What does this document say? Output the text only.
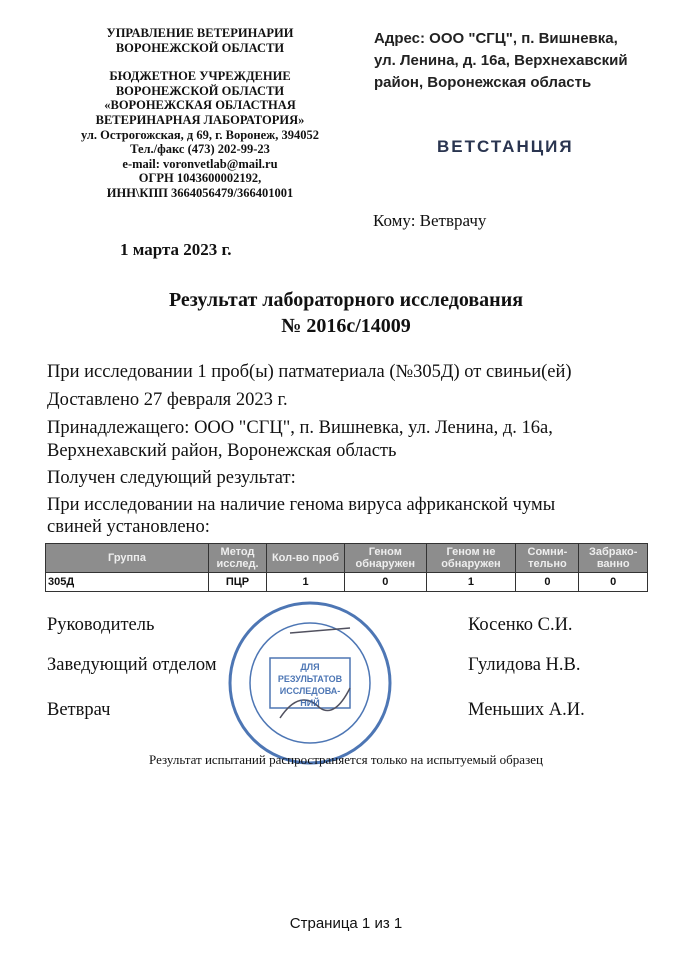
УПРАВЛЕНИЕ ВЕТЕРИНАРИИ
ВОРОНЕЖСКОЙ ОБЛАСТИ
БЮДЖЕТНОЕ УЧРЕЖДЕНИЕ
ВОРОНЕЖСКОЙ ОБЛАСТИ
«ВОРОНЕЖСКАЯ ОБЛАСТНАЯ
ВЕТЕРИНАРНАЯ ЛАБОРАТОРИЯ»
ул. Острогожская, д 69, г. Воронеж, 394052
Тел./факс (473) 202-99-23
e-mail: voronvetlab@mail.ru
ОГРН 1043600002192,
ИНН\КПП 3664056479/366401001
Адрес: ООО "СГЦ", п. Вишневка,
ул. Ленина, д. 16а, Верхнехавский
район, Воронежская область
ВЕТСТАНЦИЯ
Кому: Ветврачу
1 марта 2023 г.
Результат лабораторного исследования
№ 2016с/14009
При исследовании 1 проб(ы) патматериала (№305Д) от свиньи(ей)
Доставлено 27 февраля 2023 г.
Принадлежащего: ООО "СГЦ", п. Вишневка, ул. Ленина, д. 16а,
Верхнехавский район, Воронежская область
Получен следующий результат:
При исследовании на наличие генома вируса африканской чумы
свиней установлено:
Группа	Метод исслед.	Кол-во проб	Геном обнаружен	Геном не обнаружен	Сомни-тельно	Забрако-ванно
305Д	ПЦР	1	0	1	0	0
ДЛЯ
РЕЗУЛЬТАТОВ
ИССЛЕДОВА-
НИЙ
Руководитель	Косенко С.И.
Заведующий отделом	Гулидова Н.В.
Ветврач	Меньших А.И.
Результат испытаний распространяется только на испытуемый образец
Страница 1 из 1
